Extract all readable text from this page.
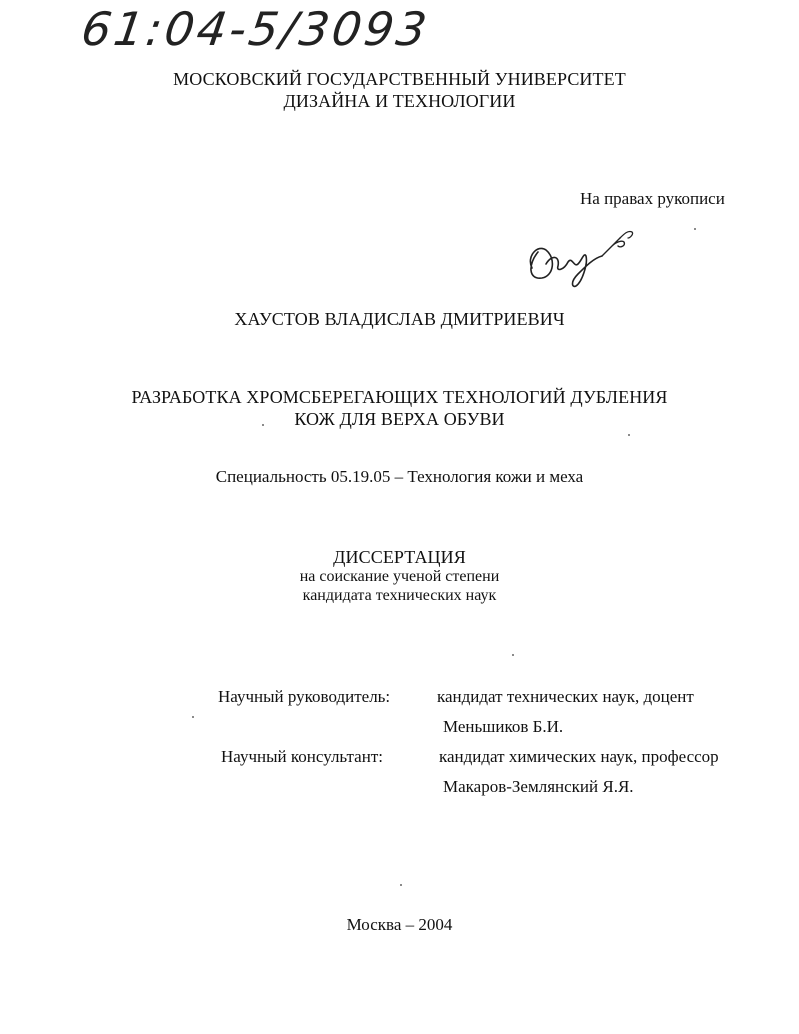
61:04-5/3093
МОСКОВСКИЙ ГОСУДАРСТВЕННЫЙ УНИВЕРСИТЕТ
ДИЗАЙНА И ТЕХНОЛОГИИ
На правах рукописи
Вху
ХАУСТОВ ВЛАДИСЛАВ ДМИТРИЕВИЧ
РАЗРАБОТКА ХРОМСБЕРЕГАЮЩИХ ТЕХНОЛОГИЙ ДУБЛЕНИЯ
КОЖ ДЛЯ ВЕРХА ОБУВИ
Специальность 05.19.05 – Технология кожи и меха
ДИССЕРТАЦИЯ
на соискание ученой степени
кандидата технических наук
Научный руководитель:	кандидат технических наук, доцент
Меньшиков Б.И.
Научный консультант:	кандидат химических наук, профессор
Макаров-Землянский Я.Я.
Москва – 2004
